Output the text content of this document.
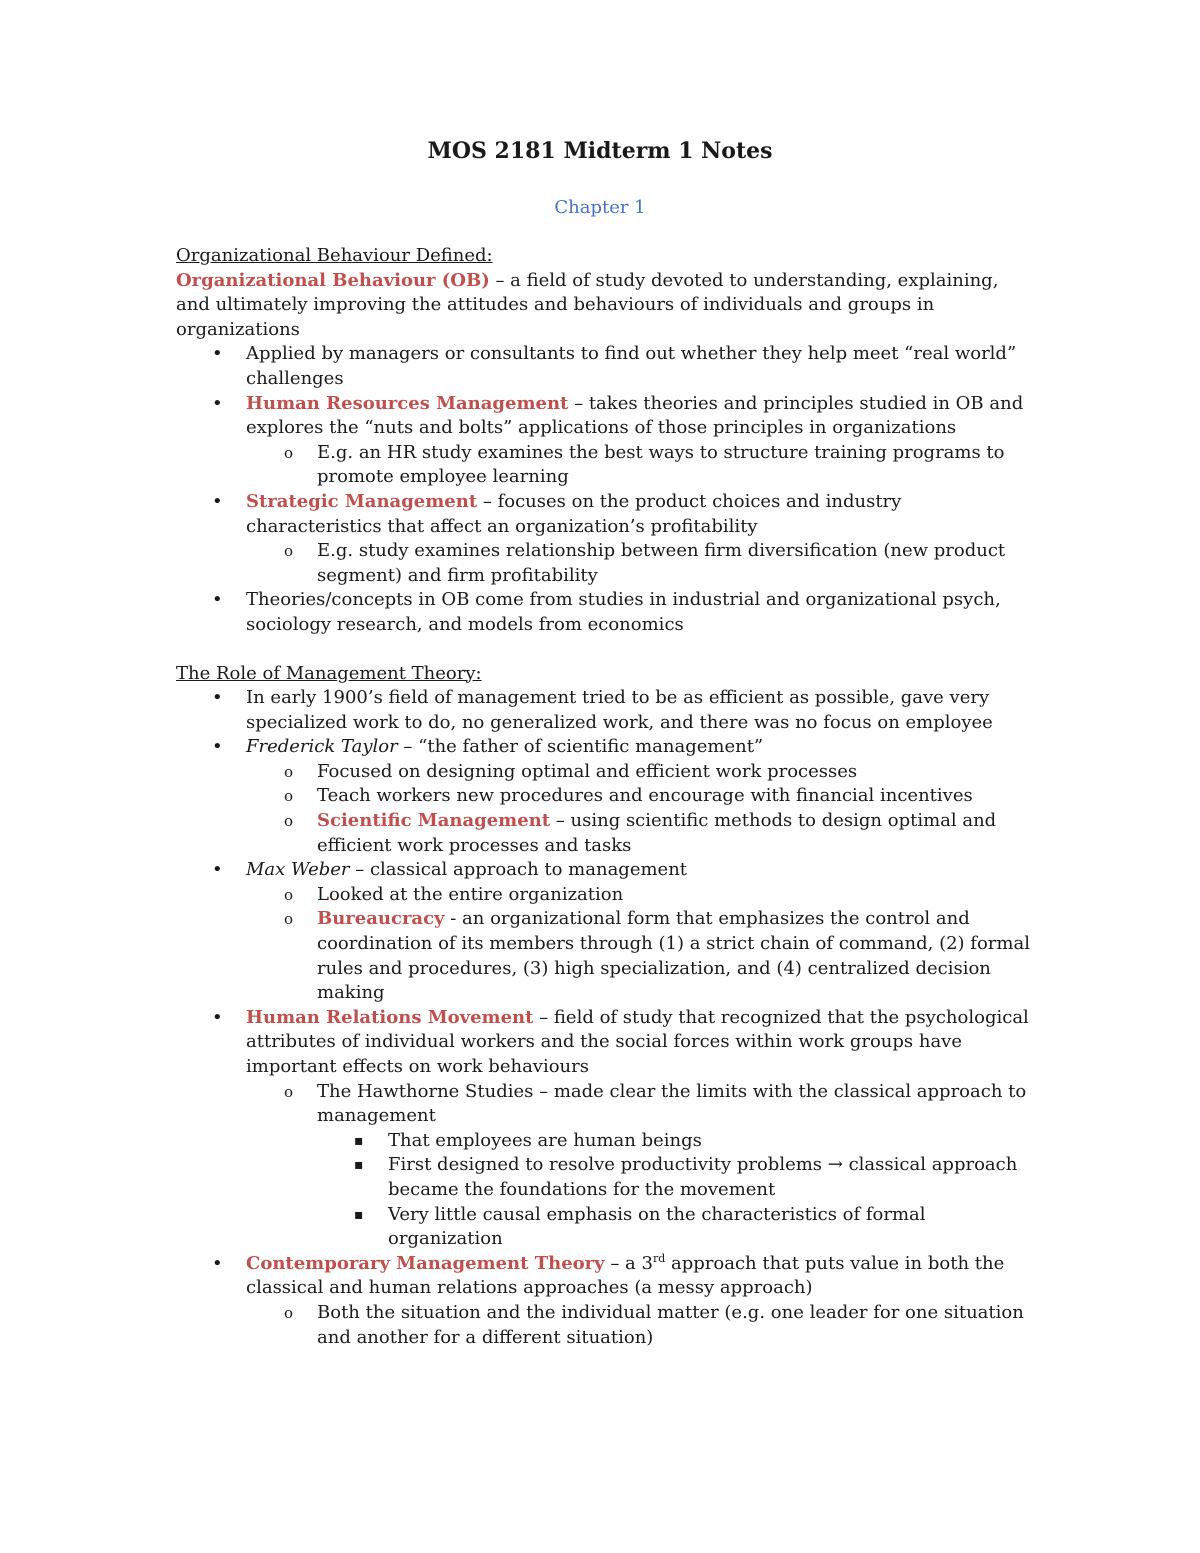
MOS 2181 Midterm 1 Notes
Chapter 1
Organizational Behaviour Defined:
Organizational Behaviour (OB) – a field of study devoted to understanding, explaining, and ultimately improving the attitudes and behaviours of individuals and groups in organizations
• Applied by managers or consultants to find out whether they help meet “real world” challenges
• Human Resources Management – takes theories and principles studied in OB and explores the “nuts and bolts” applications of those principles in organizations
o E.g. an HR study examines the best ways to structure training programs to promote employee learning
• Strategic Management – focuses on the product choices and industry characteristics that affect an organization’s profitability
o E.g. study examines relationship between firm diversification (new product segment) and firm profitability
• Theories/concepts in OB come from studies in industrial and organizational psych, sociology research, and models from economics
The Role of Management Theory:
• In early 1900’s field of management tried to be as efficient as possible, gave very specialized work to do, no generalized work, and there was no focus on employee
• Frederick Taylor – “the father of scientific management”
o Focused on designing optimal and efficient work processes
o Teach workers new procedures and encourage with financial incentives
o Scientific Management – using scientific methods to design optimal and efficient work processes and tasks
• Max Weber – classical approach to management
o Looked at the entire organization
o Bureaucracy - an organizational form that emphasizes the control and coordination of its members through (1) a strict chain of command, (2) formal rules and procedures, (3) high specialization, and (4) centralized decision making
• Human Relations Movement – field of study that recognized that the psychological attributes of individual workers and the social forces within work groups have important effects on work behaviours
o The Hawthorne Studies – made clear the limits with the classical approach to management
▪ That employees are human beings
▪ First designed to resolve productivity problems → classical approach became the foundations for the movement
▪ Very little causal emphasis on the characteristics of formal organization
• Contemporary Management Theory – a 3rd approach that puts value in both the classical and human relations approaches (a messy approach)
o Both the situation and the individual matter (e.g. one leader for one situation and another for a different situation)
